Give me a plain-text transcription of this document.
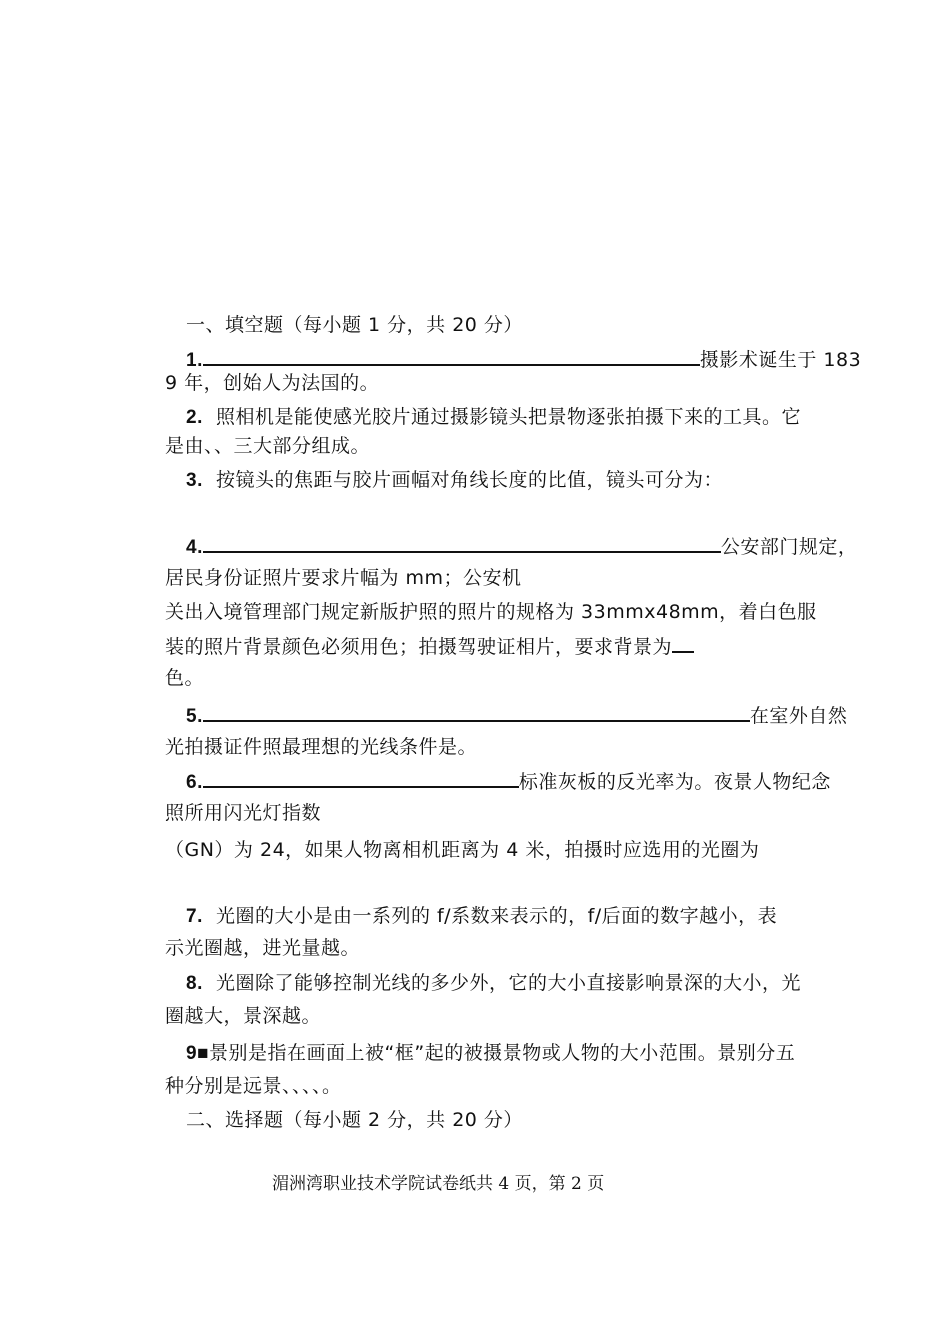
一、填空题（每小题 1 分，共 20 分）
1.	摄影术诞生于 183
9 年，创始人为法国的。
2. 照相机是能使感光胶片通过摄影镜头把景物逐张拍摄下来的工具。它
是由、、三大部分组成。
3. 按镜头的焦距与胶片画幅对角线长度的比值，镜头可分为：
4.	公安部门规定，
居民身份证照片要求片幅为 mm；公安机
关出入境管理部门规定新版护照的照片的规格为 33mmx48mm，着白色服
装的照片背景颜色必须用色；拍摄驾驶证相片，要求背景为
色。
5.	在室外自然
光拍摄证件照最理想的光线条件是。
6.	标准灰板的反光率为。夜景人物纪念
照所用闪光灯指数
（GN）为 24，如果人物离相机距离为 4 米，拍摄时应选用的光圈为
7. 光圈的大小是由一系列的 f/系数来表示的，f/后面的数字越小，表
示光圈越，进光量越。
8. 光圈除了能够控制光线的多少外，它的大小直接影响景深的大小，光
圈越大，景深越。
9■景别是指在画面上被“框”起的被摄景物或人物的大小范围。景别分五
种分别是远景、、、、。
二、选择题（每小题 2 分，共 20 分）
湄洲湾职业技术学院试卷纸共 4 页，第 2 页
